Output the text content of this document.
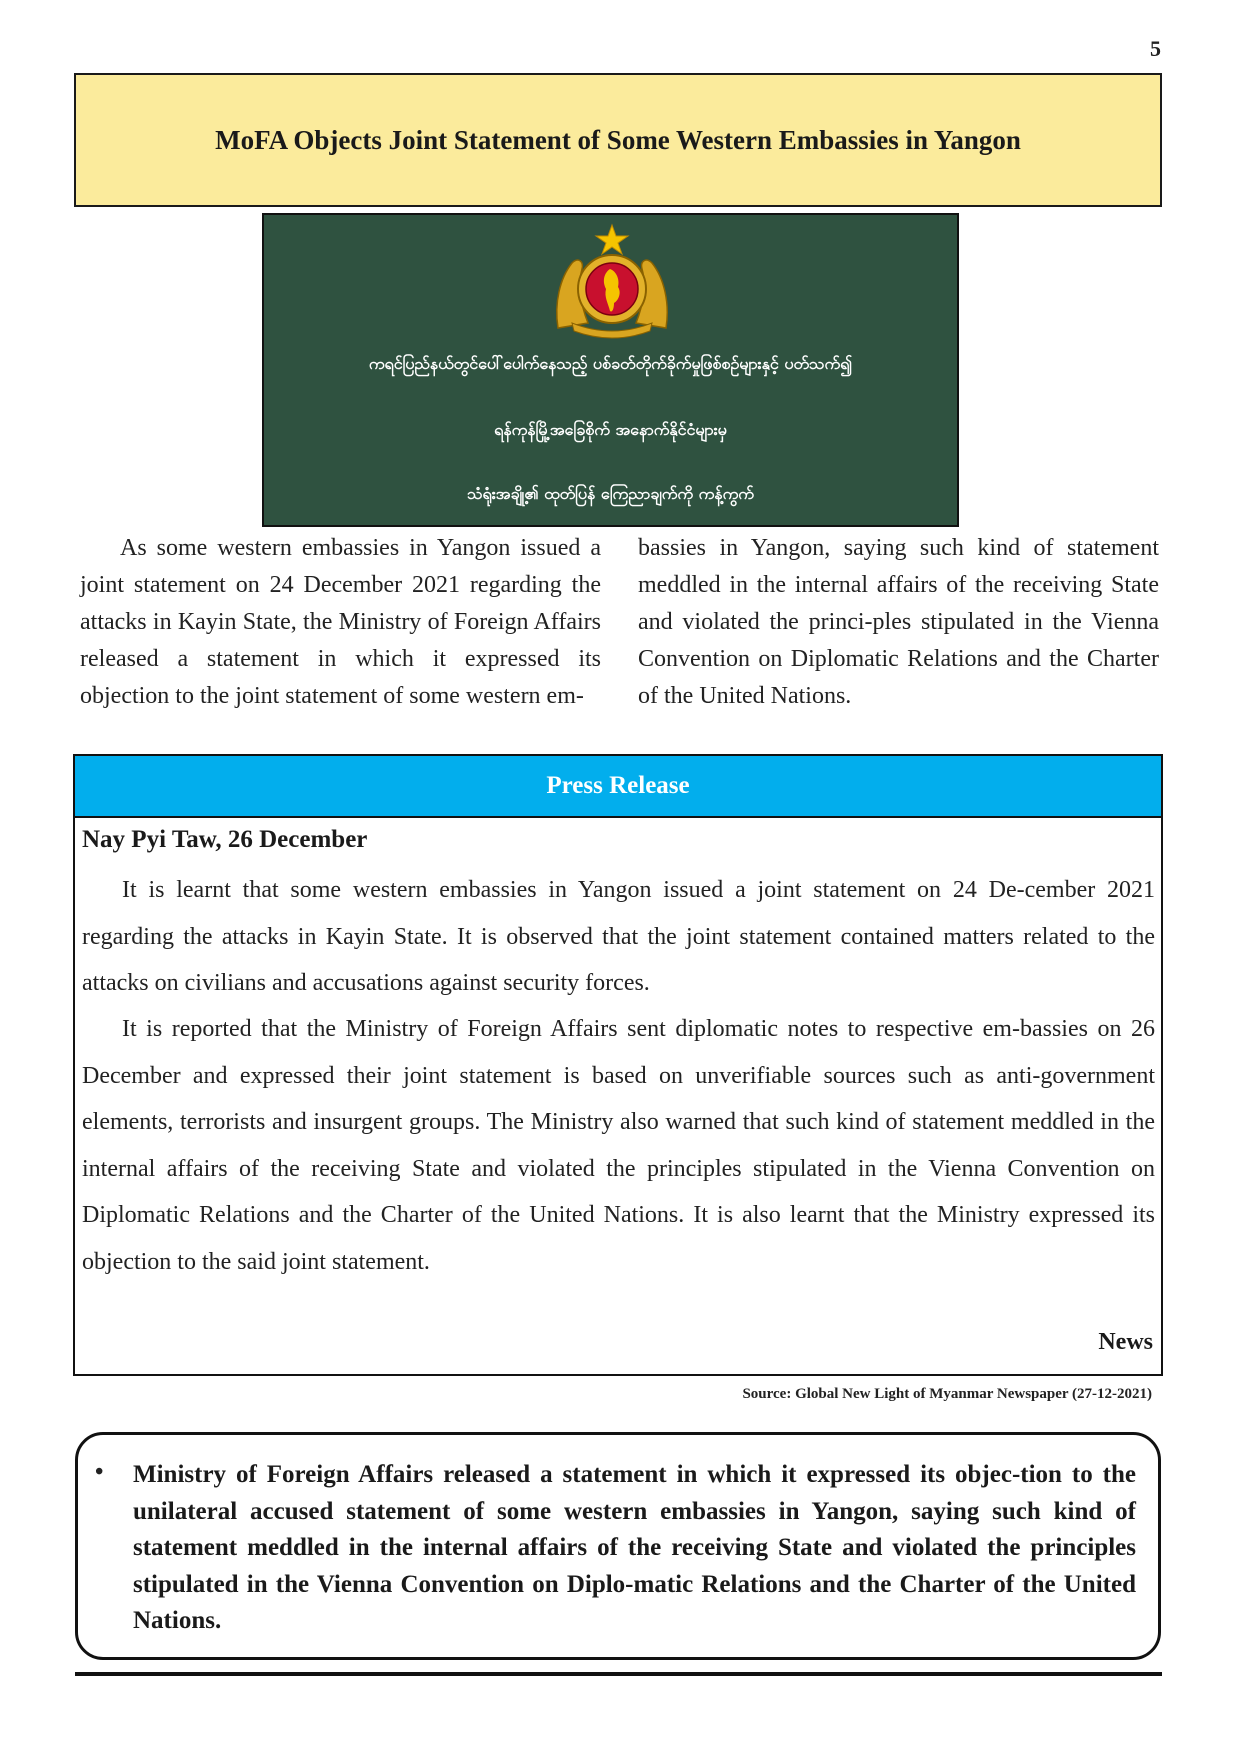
5
MoFA Objects Joint Statement of Some Western Embassies in Yangon
ကရင်ပြည်နယ်တွင်ပေါ်ပေါက်နေသည့် ပစ်ခတ်တိုက်ခိုက်မှုဖြစ်စဉ်များနှင့် ပတ်သက်၍
ရန်ကုန်မြို့အခြေစိုက် အနောက်နိုင်ငံများမှ
သံရုံးအချို့၏ ထုတ်ပြန် ကြေညာချက်ကို ကန့်ကွက်
As some western embassies in Yangon issued a joint statement on 24 December 2021 regarding the attacks in Kayin State, the Ministry of Foreign Affairs released a statement in which it expressed its objection to the joint statement of some western em-
bassies in Yangon, saying such kind of statement meddled in the internal affairs of the receiving State and violated the princi-ples stipulated in the Vienna Convention on Diplomatic Relations and the Charter of the United Nations.
Press Release
Nay Pyi Taw, 26 December
It is learnt that some western embassies in Yangon issued a joint statement on 24 De-cember 2021 regarding the attacks in Kayin State. It is observed that the joint statement contained matters related to the attacks on civilians and accusations against security forces.
It is reported that the Ministry of Foreign Affairs sent diplomatic notes to respective em-bassies on 26 December and expressed their joint statement is based on unverifiable sources such as anti-government elements, terrorists and insurgent groups. The Ministry also warned that such kind of statement meddled in the internal affairs of the receiving State and violated the principles stipulated in the Vienna Convention on Diplomatic Relations and the Charter of the United Nations. It is also learnt that the Ministry expressed its objection to the said joint statement.
News
Source: Global New Light of Myanmar Newspaper (27-12-2021)
• Ministry of Foreign Affairs released a statement in which it expressed its objec-tion to the unilateral accused statement of some western embassies in Yangon, saying such kind of statement meddled in the internal affairs of the receiving State and violated the principles stipulated in the Vienna Convention on Diplo-matic Relations and the Charter of the United Nations.
